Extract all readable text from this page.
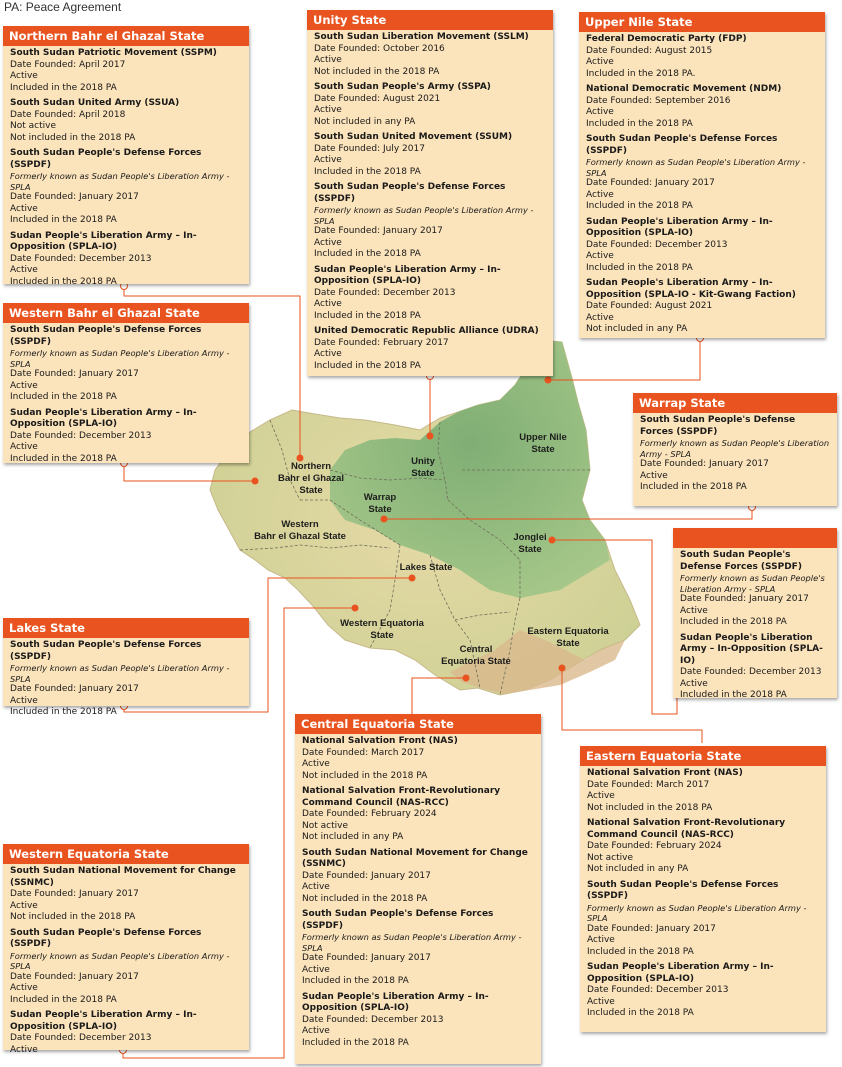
PA: Peace Agreement
Upper Nile State
Unity State
Northern Bahr el Ghazal State
Warrap State
Western Bahr el Ghazal State	Jonglei State
Lakes State
Western Equatoria State
Central Equatoria State
Eastern Equatoria State
Northern Bahr el Ghazal State
South Sudan Patriotic Movement (SSPM)
Date Founded: April 2017
Active
Included in the 2018 PA
South Sudan United Army (SSUA)
Date Founded: April 2018
Not active
Not included in the 2018 PA
South Sudan People's Defense Forces (SSPDF)
Formerly known as Sudan People's Liberation Army - SPLA
Date Founded: January 2017
Active
Included in the 2018 PA
Sudan People's Liberation Army – In-Opposition (SPLA-IO)
Date Founded: December 2013
Active
Included in the 2018 PA
Unity State
South Sudan Liberation Movement (SSLM)
Date Founded: October 2016
Active
Not included in the 2018 PA
South Sudan People's Army (SSPA)
Date Founded: August 2021
Active
Not included in any PA
South Sudan United Movement (SSUM)
Date Founded: July 2017
Active
Included in the 2018 PA
South Sudan People's Defense Forces (SSPDF)
Formerly known as Sudan People's Liberation Army - SPLA
Date Founded: January 2017
Active
Included in the 2018 PA
Sudan People's Liberation Army – In-Opposition (SPLA-IO)
Date Founded: December 2013
Active
Included in the 2018 PA
United Democratic Republic Alliance (UDRA)
Date Founded: February 2017
Active
Included in the 2018 PA
Upper Nile State
Federal Democratic Party (FDP)
Date Founded: August 2015
Active
Included in the 2018 PA.
National Democratic Movement (NDM)
Date Founded: September 2016
Active
Included in the 2018 PA
South Sudan People's Defense Forces (SSPDF)
Formerly known as Sudan People's Liberation Army - SPLA
Date Founded: January 2017
Active
Included in the 2018 PA
Sudan People's Liberation Army – In-Opposition (SPLA-IO)
Date Founded: December 2013
Active
Included in the 2018 PA
Sudan People's Liberation Army – In-Opposition (SPLA-IO - Kit-Gwang Faction)
Date Founded: August 2021
Active
Not included in any PA
Western Bahr el Ghazal State
South Sudan People's Defense Forces (SSPDF)
Formerly known as Sudan People's Liberation Army - SPLA
Date Founded: January 2017
Active
Included in the 2018 PA
Sudan People's Liberation Army – In-Opposition (SPLA-IO)
Date Founded: December 2013
Active
Included in the 2018 PA
Warrap State
South Sudan People's Defense Forces (SSPDF)
Formerly known as Sudan People's Liberation Army - SPLA
Date Founded: January 2017
Active
Included in the 2018 PA

South Sudan People's Defense Forces (SSPDF)
Formerly known as Sudan People's Liberation Army - SPLA
Date Founded: January 2017
Active
Included in the 2018 PA
Sudan People's Liberation Army – In-Opposition (SPLA-IO)
Date Founded: December 2013
Active
Included in the 2018 PA
Lakes State
South Sudan People's Defense Forces (SSPDF)
Formerly known as Sudan People's Liberation Army - SPLA
Date Founded: January 2017
Active
Included in the 2018 PA
Central Equatoria State
National Salvation Front (NAS)
Date Founded: March 2017
Active
Not included in the 2018 PA
National Salvation Front-Revolutionary Command Council (NAS-RCC)
Date Founded: February 2024
Not active
Not included in any PA
South Sudan National Movement for Change (SSNMC)
Date Founded: January 2017
Active
Not included in the 2018 PA
South Sudan People's Defense Forces (SSPDF)
Formerly known as Sudan People's Liberation Army - SPLA
Date Founded: January 2017
Active
Included in the 2018 PA
Sudan People's Liberation Army – In-Opposition (SPLA-IO)
Date Founded: December 2013
Active
Included in the 2018 PA
Eastern Equatoria State
National Salvation Front (NAS)
Date Founded: March 2017
Active
Not included in the 2018 PA
National Salvation Front-Revolutionary Command Council (NAS-RCC)
Date Founded: February 2024
Not active
Not included in any PA
South Sudan People's Defense Forces (SSPDF)
Formerly known as Sudan People's Liberation Army - SPLA
Date Founded: January 2017
Active
Included in the 2018 PA
Sudan People's Liberation Army – In-Opposition (SPLA-IO)
Date Founded: December 2013
Active
Included in the 2018 PA
Western Equatoria State
South Sudan National Movement for Change (SSNMC)
Date Founded: January 2017
Active
Not included in the 2018 PA
South Sudan People's Defense Forces (SSPDF)
Formerly known as Sudan People's Liberation Army - SPLA
Date Founded: January 2017
Active
Included in the 2018 PA
Sudan People's Liberation Army – In-Opposition (SPLA-IO)
Date Founded: December 2013
Active
